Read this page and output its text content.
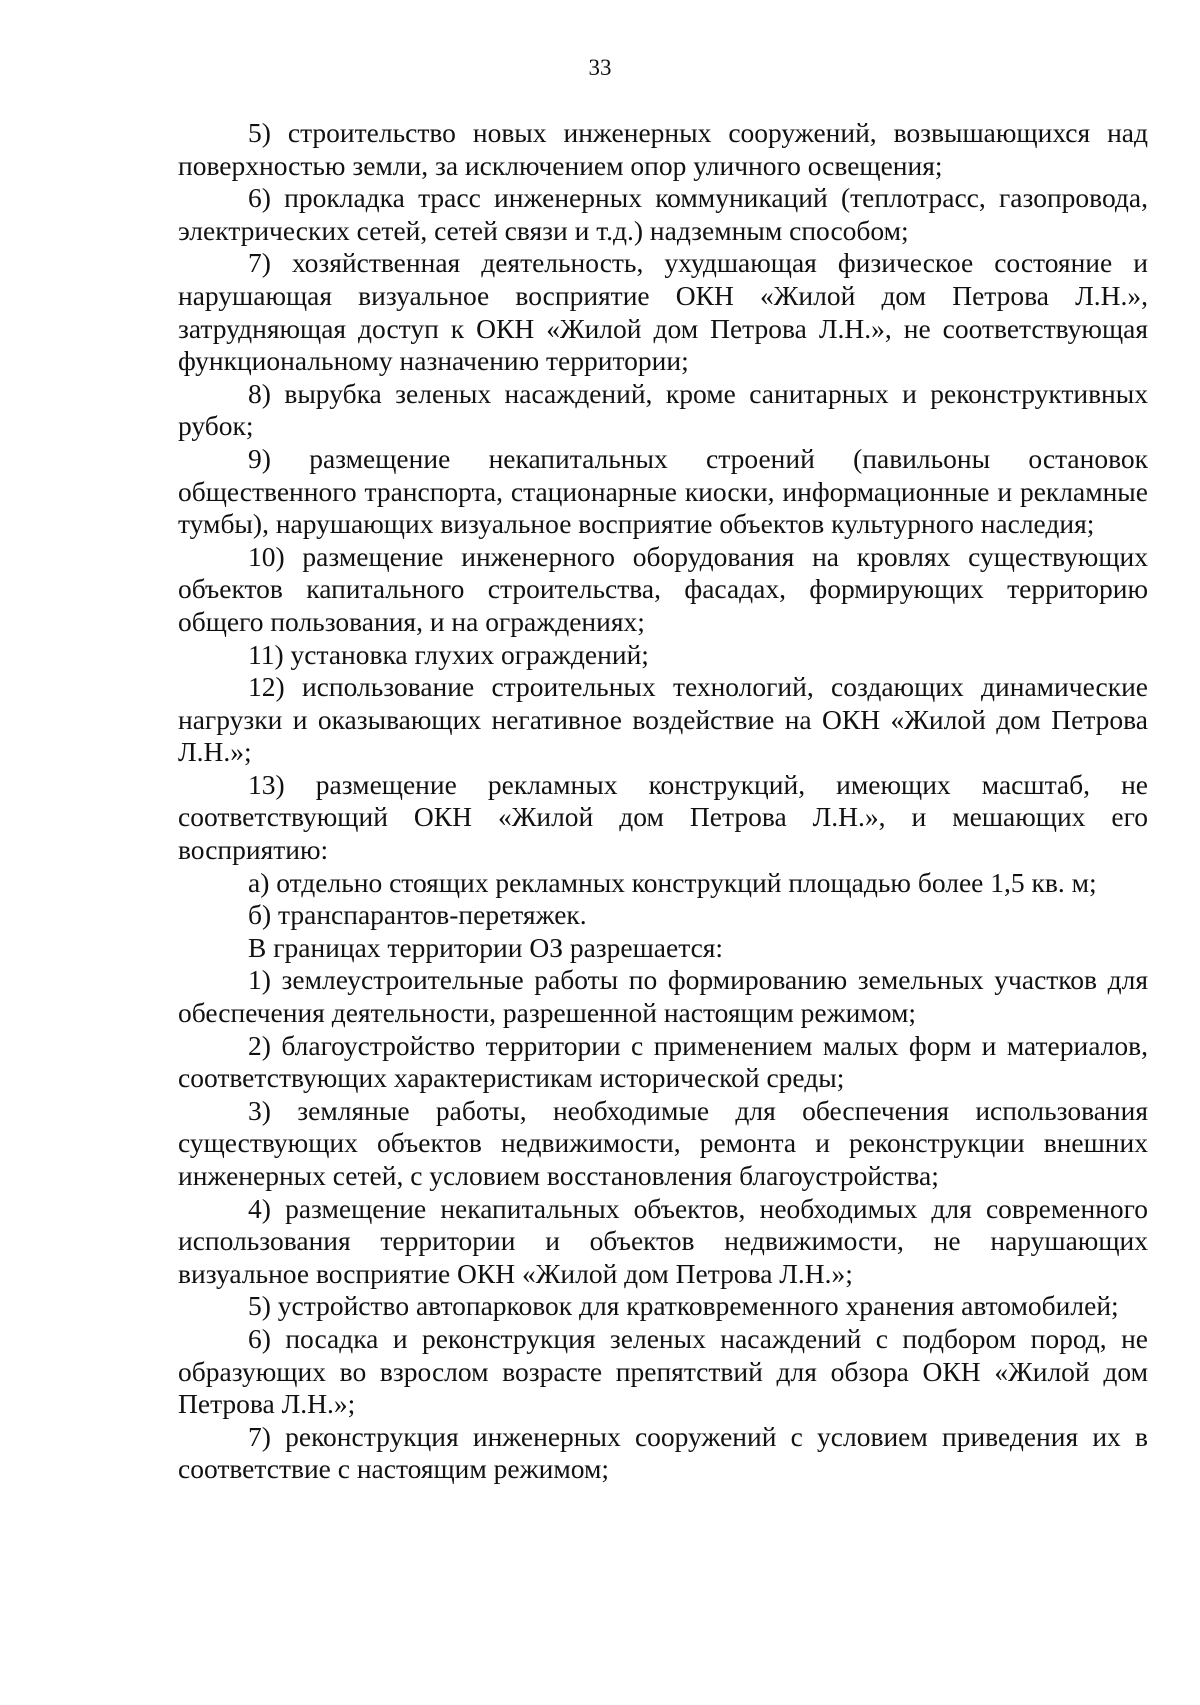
33

5) строительство новых инженерных сооружений, возвышающихся над поверхностью земли, за исключением опор уличного освещения;

6) прокладка трасс инженерных коммуникаций (теплотрасс, газопровода, электрических сетей, сетей связи и т.д.) надземным способом;

7) хозяйственная деятельность, ухудшающая физическое состояние и нарушающая визуальное восприятие ОКН «Жилой дом Петрова Л.Н.», затрудняющая доступ к ОКН «Жилой дом Петрова Л.Н.», не соответствующая функциональному назначению территории;

8) вырубка зеленых насаждений, кроме санитарных и реконструктивных рубок;

9) размещение некапитальных строений (павильоны остановок общественного транспорта, стационарные киоски, информационные и рекламные тумбы), нарушающих визуальное восприятие объектов культурного наследия;

10) размещение инженерного оборудования на кровлях существующих объектов капитального строительства, фасадах, формирующих территорию общего пользования, и на ограждениях;

11) установка глухих ограждений;

12) использование строительных технологий, создающих динамические нагрузки и оказывающих негативное воздействие на ОКН «Жилой дом Петрова Л.Н.»;

13) размещение рекламных конструкций, имеющих масштаб, не соответствующий ОКН «Жилой дом Петрова Л.Н.», и мешающих его восприятию:

а) отдельно стоящих рекламных конструкций площадью более 1,5 кв. м;

б) транспарантов-перетяжек.

В границах территории ОЗ разрешается:

1) землеустроительные работы по формированию земельных участков для обеспечения деятельности, разрешенной настоящим режимом;

2) благоустройство территории с применением малых форм и материалов, соответствующих характеристикам исторической среды;

3) земляные работы, необходимые для обеспечения использования существующих объектов недвижимости, ремонта и реконструкции внешних инженерных сетей, с условием восстановления благоустройства;

4) размещение некапитальных объектов, необходимых для современного использования территории и объектов недвижимости, не нарушающих визуальное восприятие ОКН «Жилой дом Петрова Л.Н.»;

5) устройство автопарковок для кратковременного хранения автомобилей;

6) посадка и реконструкция зеленых насаждений с подбором пород, не образующих во взрослом возрасте препятствий для обзора ОКН «Жилой дом Петрова Л.Н.»;

7) реконструкция инженерных сооружений с условием приведения их в соответствие с настоящим режимом;
